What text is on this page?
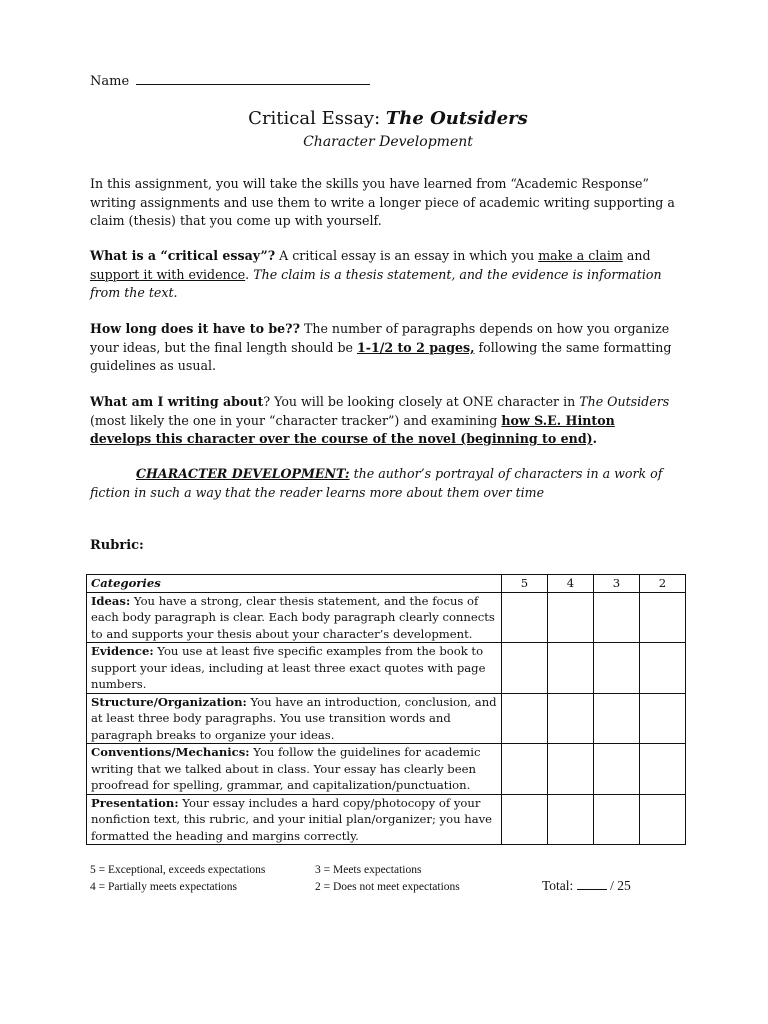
Name
Critical Essay: The Outsiders
Character Development
In this assignment, you will take the skills you have learned from “Academic Response” writing assignments and use them to write a longer piece of academic writing supporting a claim (thesis) that you come up with yourself.
What is a “critical essay”? A critical essay is an essay in which you make a claim and support it with evidence. The claim is a thesis statement, and the evidence is information from the text.
How long does it have to be?? The number of paragraphs depends on how you organize your ideas, but the final length should be 1-1/2 to 2 pages, following the same formatting guidelines as usual.
What am I writing about? You will be looking closely at ONE character in The Outsiders (most likely the one in your “character tracker”) and examining how S.E. Hinton develops this character over the course of the novel (beginning to end).
CHARACTER DEVELOPMENT: the author’s portrayal of characters in a work of fiction in such a way that the reader learns more about them over time
Rubric:
Categories	5	4	3	2
Ideas: You have a strong, clear thesis statement, and the focus of each body paragraph is clear. Each body paragraph clearly connects to and supports your thesis about your character’s development.				
Evidence: You use at least five specific examples from the book to support your ideas, including at least three exact quotes with page numbers.				
Structure/Organization: You have an introduction, conclusion, and at least three body paragraphs. You use transition words and paragraph breaks to organize your ideas.				
Conventions/Mechanics: You follow the guidelines for academic writing that we talked about in class. Your essay has clearly been proofread for spelling, grammar, and capitalization/punctuation.				
Presentation: Your essay includes a hard copy/photocopy of your nonfiction text, this rubric, and your initial plan/organizer; you have formatted the heading and margins correctly.				
5 = Exceptional, exceeds expectations
4 = Partially meets expectations
3 = Meets expectations
2 = Does not meet expectations	Total:  / 25
